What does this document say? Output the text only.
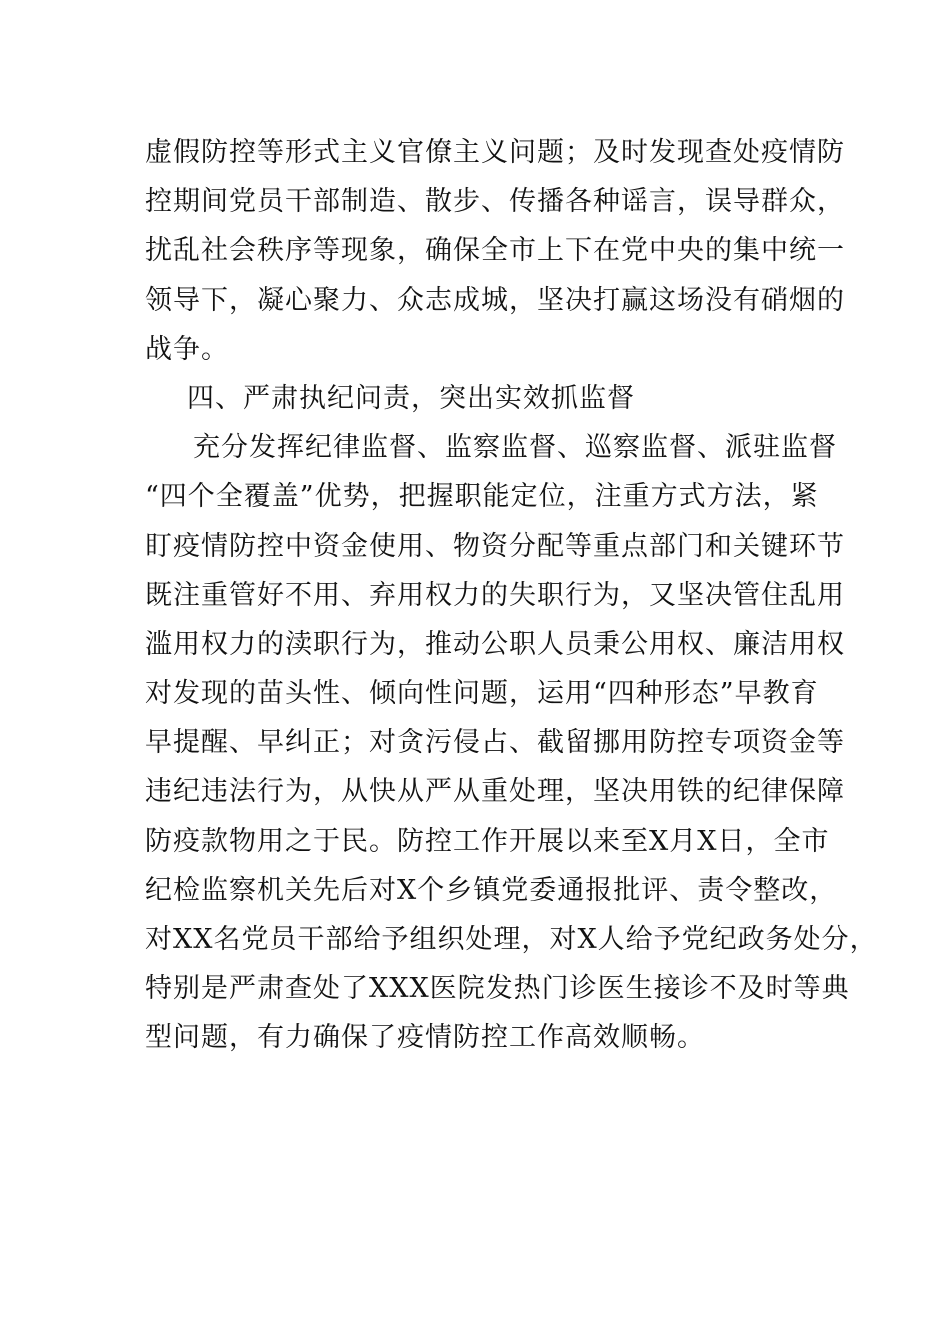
虚假防控等形式主义官僚主义问题；及时发现查处疫情防
控期间党员干部制造、散步、传播各种谣言，误导群众，
扰乱社会秩序等现象，确保全市上下在党中央的集中统一
领导下，凝心聚力、众志成城，坚决打赢这场没有硝烟的
战争。
四、严肃执纪问责，突出实效抓监督
充分发挥纪律监督、监察监督、巡察监督、派驻监督
“四个全覆盖”优势，把握职能定位，注重方式方法，紧
盯疫情防控中资金使用、物资分配等重点部门和关键环节
既注重管好不用、弃用权力的失职行为，又坚决管住乱用
滥用权力的渎职行为，推动公职人员秉公用权、廉洁用权
对发现的苗头性、倾向性问题，运用“四种形态”早教育
早提醒、早纠正；对贪污侵占、截留挪用防控专项资金等
违纪违法行为，从快从严从重处理，坚决用铁的纪律保障
防疫款物用之于民。防控工作开展以来至X月X日，全市
纪检监察机关先后对X个乡镇党委通报批评、责令整改，
对XX名党员干部给予组织处理，对X人给予党纪政务处分，
特别是严肃查处了XXX医院发热门诊医生接诊不及时等典
型问题，有力确保了疫情防控工作高效顺畅。
